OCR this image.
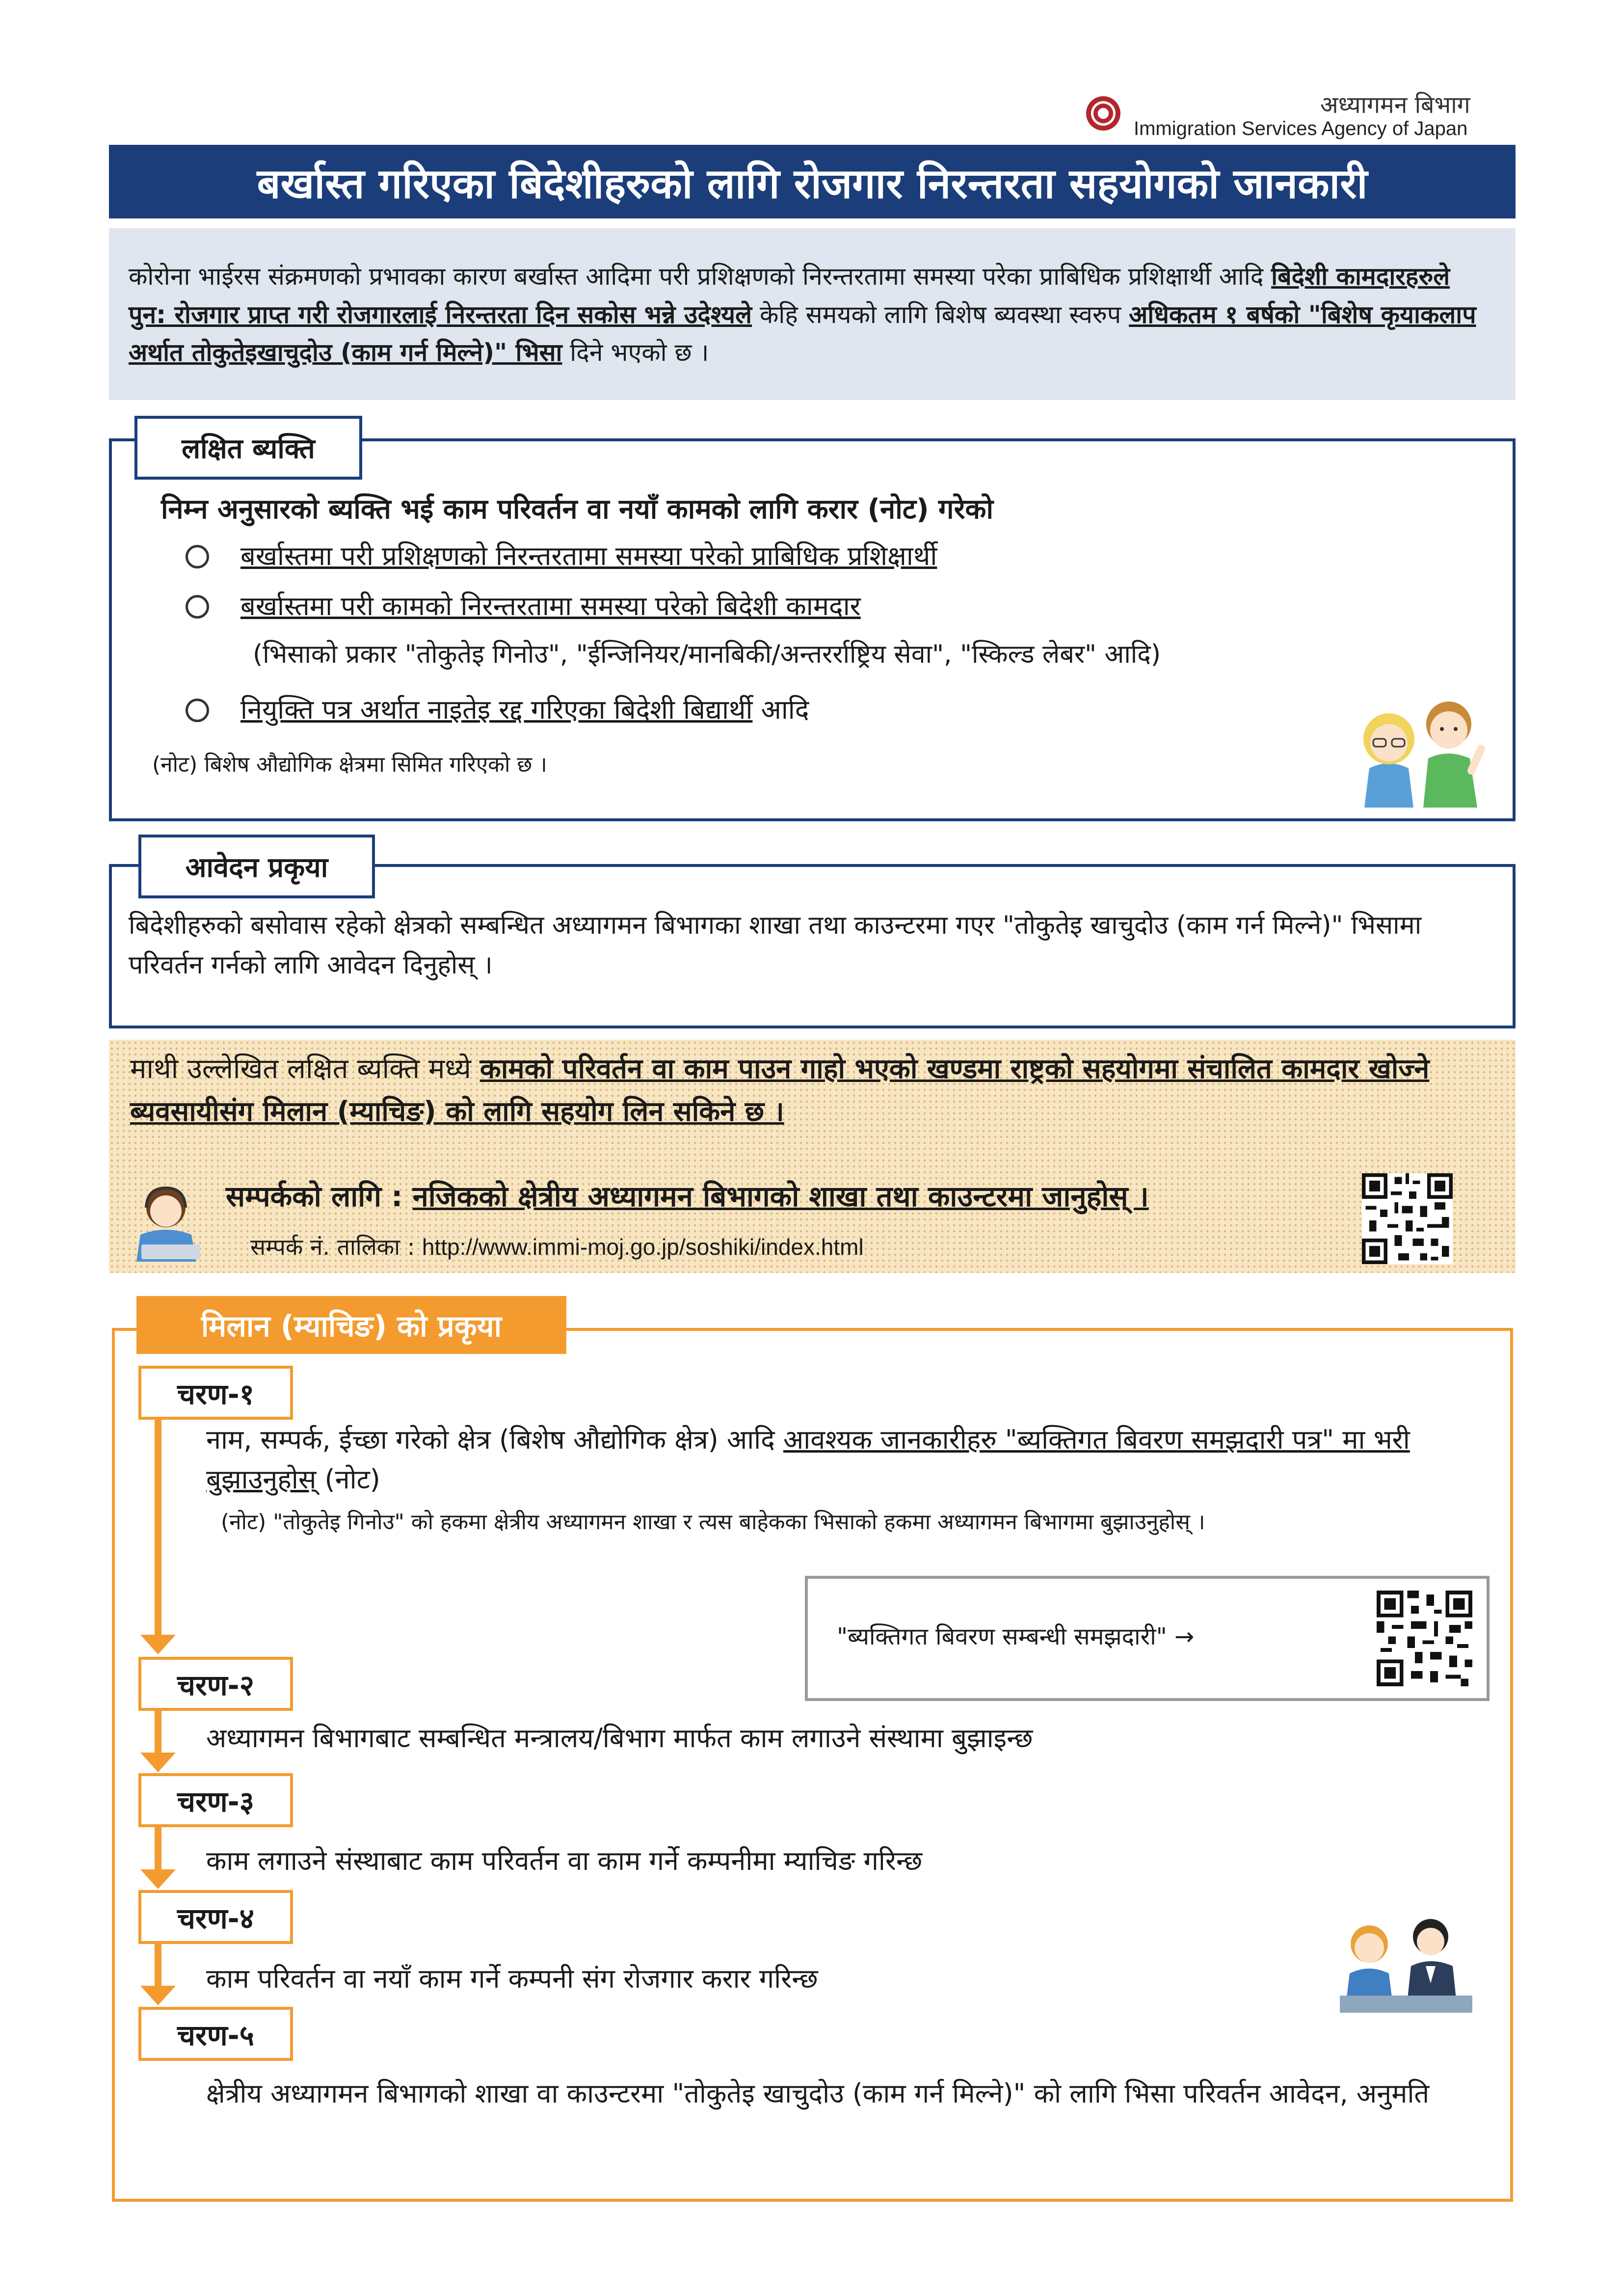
अध्यागमन बिभाग
Immigration Services Agency of Japan
बर्खास्त गरिएका बिदेशीहरुको लागि रोजगार निरन्तरता सहयोगको जानकारी
कोरोना भाईरस संक्रमणको प्रभावका कारण बर्खास्त आदिमा परी प्रशिक्षणको निरन्तरतामा समस्या परेका प्राबिधिक प्रशिक्षार्थी आदि बिदेशी कामदारहरुले पुन: रोजगार प्राप्त गरी रोजगारलाई निरन्तरता दिन सकोस भन्ने उदेश्यले केहि समयको लागि बिशेष ब्यवस्था स्वरुप अधिकतम १ बर्षको "बिशेष कृयाकलाप अर्थात तोकुतेइखाचुदोउ (काम गर्न मिल्ने)" भिसा दिने भएको छ ।
लक्षित ब्यक्ति
निम्न अनुसारको ब्यक्ति भई काम परिवर्तन वा नयाँ कामको लागि करार (नोट) गरेको
बर्खास्तमा परी प्रशिक्षणको निरन्तरतामा समस्या परेको प्राबिधिक प्रशिक्षार्थी
बर्खास्तमा परी कामको निरन्तरतामा समस्या परेको बिदेशी कामदार
(भिसाको प्रकार "तोकुतेइ गिनोउ", "ईन्जिनियर/मानबिकी/अन्तरर्राष्ट्रिय सेवा", "स्किल्ड लेबर" आदि)
नियुक्ति पत्र अर्थात नाइतेइ रद्द गरिएका बिदेशी बिद्यार्थी आदि
(नोट) बिशेष औद्योगिक क्षेत्रमा सिमित गरिएको छ ।
आवेदन प्रकृया
बिदेशीहरुको बसोवास रहेको क्षेत्रको सम्बन्धित अध्यागमन बिभागका शाखा तथा काउन्टरमा गएर "तोकुतेइ खाचुदोउ (काम गर्न मिल्ने)" भिसामा परिवर्तन गर्नको लागि आवेदन दिनुहोस् ।
माथी उल्लेखित लक्षित ब्यक्ति मध्ये कामको परिवर्तन वा काम पाउन गाहो भएको खण्डमा राष्ट्रको सहयोगमा संचालित कामदार खोज्ने ब्यवसायीसंग मिलान (म्याचिङ) को लागि सहयोग लिन सकिने छ ।
सम्पर्कको लागि : नजिकको क्षेत्रीय अध्यागमन बिभागको शाखा तथा काउन्टरमा जानुहोस् ।
सम्पर्क नं. तालिका : http://www.immi-moj.go.jp/soshiki/index.html
मिलान (म्याचिङ) को प्रकृया
चरण-१
नाम, सम्पर्क, ईच्छा गरेको क्षेत्र (बिशेष औद्योगिक क्षेत्र) आदि आवश्यक जानकारीहरु "ब्यक्तिगत बिवरण समझदारी पत्र" मा भरी बुझाउनुहोस् (नोट)
(नोट) "तोकुतेइ गिनोउ" को हकमा क्षेत्रीय अध्यागमन शाखा र त्यस बाहेकका भिसाको हकमा अध्यागमन बिभागमा बुझाउनुहोस् ।
"ब्यक्तिगत बिवरण सम्बन्धी समझदारी" →
चरण-२
अध्यागमन बिभागबाट सम्बन्धित मन्त्रालय/बिभाग मार्फत काम लगाउने संस्थामा बुझाइन्छ
चरण-३
काम लगाउने संस्थाबाट काम परिवर्तन वा काम गर्ने कम्पनीमा म्याचिङ गरिन्छ
चरण-४
काम परिवर्तन वा नयाँ काम गर्ने कम्पनी संग रोजगार करार गरिन्छ
चरण-५
क्षेत्रीय अध्यागमन बिभागको शाखा वा काउन्टरमा "तोकुतेइ खाचुदोउ (काम गर्न मिल्ने)" को लागि भिसा परिवर्तन आवेदन, अनुमति
